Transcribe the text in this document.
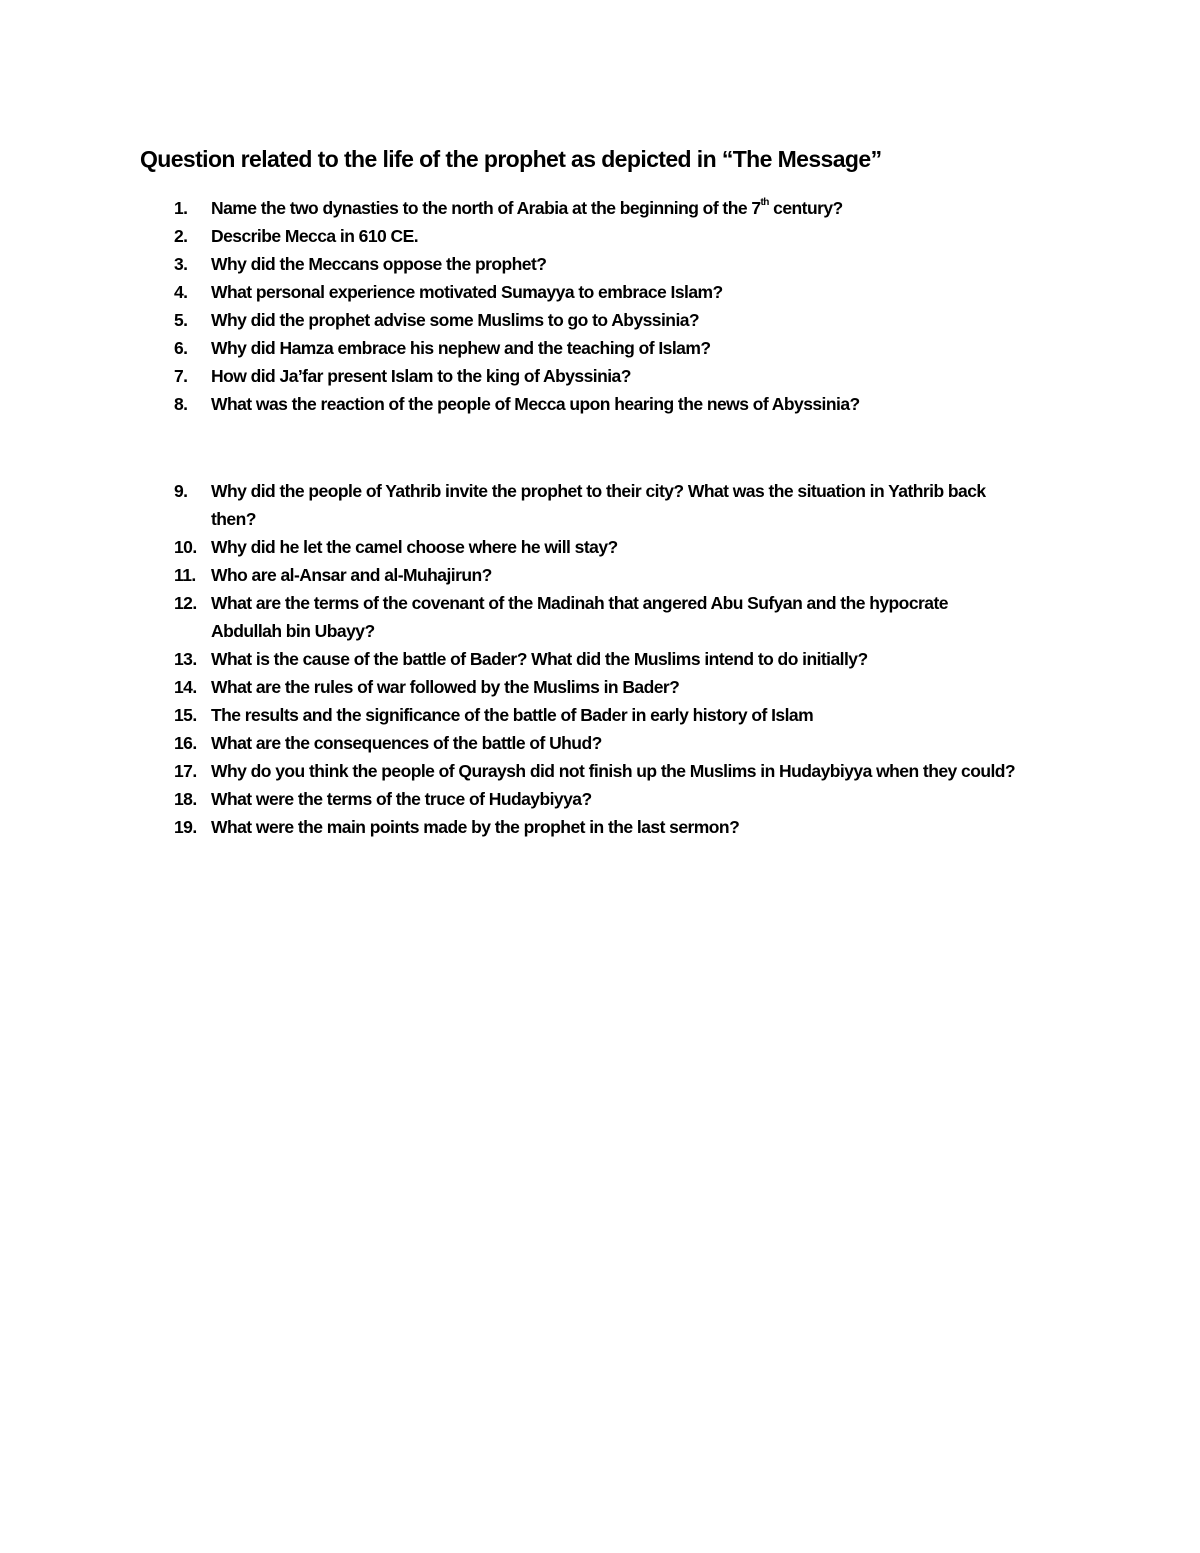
Question related to the life of the prophet as depicted in “The Message”
1. Name the two dynasties to the north of Arabia at the beginning of the 7th century?
2. Describe Mecca in 610 CE.
3. Why did the Meccans oppose the prophet?
4. What personal experience motivated Sumayya to embrace Islam?
5. Why did the prophet advise some Muslims to go to Abyssinia?
6. Why did Hamza embrace his nephew and the teaching of Islam?
7. How did Ja’far present Islam to the king of Abyssinia?
8. What was the reaction of the people of Mecca upon hearing the news of Abyssinia?
9. Why did the people of Yathrib invite the prophet to their city? What was the situation in Yathrib back then?
10. Why did he let the camel choose where he will stay?
11. Who are al-Ansar and al-Muhajirun?
12. What are the terms of the covenant of the Madinah that angered Abu Sufyan and the hypocrate Abdullah bin Ubayy?
13. What is the cause of the battle of Bader? What did the Muslims intend to do initially?
14. What are the rules of war followed by the Muslims in Bader?
15. The results and the significance of the battle of Bader in early history of Islam
16. What are the consequences of the battle of Uhud?
17. Why do you think the people of Quraysh did not finish up the Muslims in Hudaybiyya when they could?
18. What were the terms of the truce of Hudaybiyya?
19. What were the main points made by the prophet in the last sermon?
